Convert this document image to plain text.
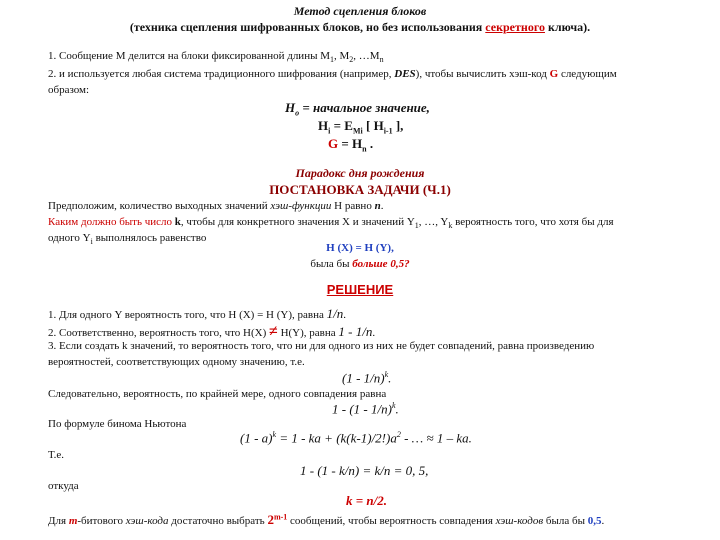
Метод сцепления блоков
(техника сцепления шифрованных блоков, но без использования секретного ключа).
1. Сообщение M делится на блоки фиксированной длины $M_1$, $M_2$, $\dots M_n$
2. и используется любая система традиционного шифрования (например, DES), чтобы вычислить хэш-код G следующим
образом:
$H_o$ = начальное значение,
$H_i = E_{Mi}$ [ $H_{i-1}$ ],
$G = H_n$ .
Парадокс дня рождения
ПОСТАНОВКА ЗАДАЧИ (Ч.1)
Предположим, количество выходных значений хэш-функции H равно n.
Каким должно быть число k, чтобы для конкретного значения X и значений $Y_1$, …, $Y_k$ вероятность того, что хотя бы для
одного $Y_i$ выполнялось равенство
H (X) = H (Y),
была бы больше 0,5?
РЕШЕНИЕ
1. Для одного Y вероятность того, что H (X) = H (Y), равна 1/n.
2. Соответственно, вероятность того, что H(X) ≠ H(Y), равна 1 - 1/n.
3. Если создать k значений, то вероятность того, что ни для одного из них не будет совпадений, равна произведению
вероятностей, соответствующих одному значению, т.е.
(1 - 1/n)$^k$.
Следовательно, вероятность, по крайней мере, одного совпадения равна
1 - (1 - 1/n)$^k$.
По формуле бинома Ньютона
(1 - a)$^k$ = 1 - ka + $(k(k-1)/2!)a^2$ - … ≈ 1 – ka.
Т.е.
1 - (1 - k/n) = k/n = 0, 5,
откуда
k = n/2.
Для m-битового хэш-кода достаточно выбрать 2$^{m-1}$ сообщений, чтобы вероятность совпадения хэш-кодов была бы 0,5.
